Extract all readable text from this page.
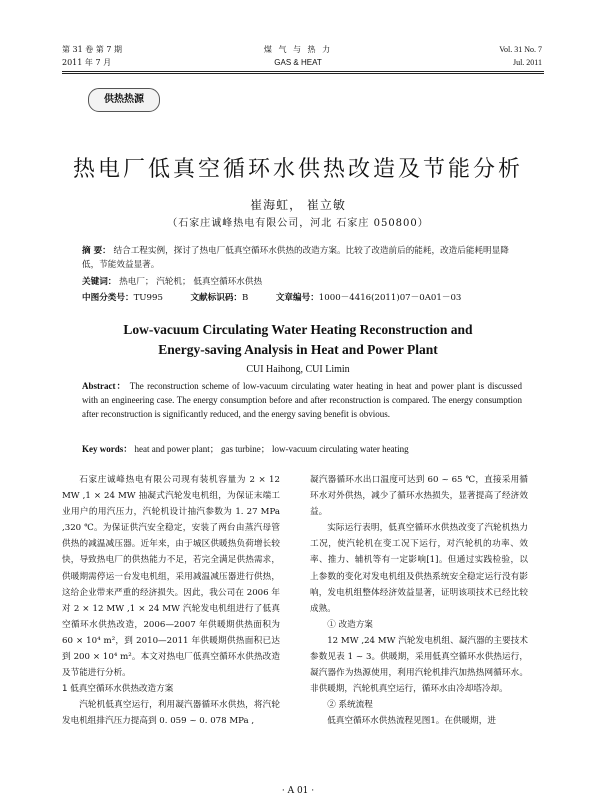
第 31 卷 第 7 期
2011 年 7 月
煤 气 与 热 力
GAS & HEAT
Vol. 31 No. 7
Jul. 2011
供热热源
热电厂低真空循环水供热改造及节能分析
崔海虹， 崔立敏
（石家庄诚峰热电有限公司，河北 石家庄 050800）
摘 要： 结合工程实例，探讨了热电厂低真空循环水供热的改造方案。比较了改造前后的能耗，改造后能耗明显降低，节能效益显著。
关键词： 热电厂； 汽轮机； 低真空循环水供热
中图分类号：TU995	文献标识码：B	文章编号：1000－4416(2011)07－0A01－03
Low-vacuum Circulating Water Heating Reconstruction and
Energy-saving Analysis in Heat and Power Plant
CUI Haihong, CUI Limin
Abstract： The reconstruction scheme of low-vacuum circulating water heating in heat and power plant is discussed with an engineering case. The energy consumption before and after reconstruction is compared. The energy consumption after reconstruction is significantly reduced, and the energy saving benefit is obvious.
Key words： heat and power plant； gas turbine； low-vacuum circulating water heating

石家庄诚峰热电有限公司现有装机容量为 2 × 12 MW ,1 × 24 MW 抽凝式汽轮发电机组，为保证末端工业用户的用汽压力，汽轮机设计抽汽参数为 1. 27 MPa ,320 ℃。为保证供汽安全稳定，安装了两台由蒸汽母管供热的减温减压器。近年来，由于城区供暖热负荷增长较快，导致热电厂的供热能力不足，若完全满足供热需求，供暖期需停运一台发电机组，采用减温减压器进行供热，这给企业带来严重的经济损失。因此，我公司在 2006 年对 2 × 12 MW ,1 × 24 MW 汽轮发电机组进行了低真空循环水供热改造，2006—2007 年供暖期供热面积为 60 × 10⁴ m²，到 2010—2011 年供暖期供热面积已达到 200 × 10⁴ m²。本文对热电厂低真空循环水供热改造及节能进行分析。

1 低真空循环水供热改造方案

汽轮机低真空运行，利用凝汽器循环水供热，将汽轮发电机组排汽压力提高到 0. 059 ~ 0. 078 MPa ,

凝汽器循环水出口温度可达到 60 ~ 65 ℃，直接采用循环水对外供热，减少了循环水热损失，显著提高了经济效益。

实际运行表明，低真空循环水供热改变了汽轮机热力工况，使汽轮机在变工况下运行，对汽轮机的功率、效率、推力、辅机等有一定影响[1]。但通过实践检验，以上参数的变化对发电机组及供热系统安全稳定运行没有影响，发电机组整体经济效益显著，证明该项技术已经比较成熟。

① 改造方案

12 MW ,24 MW 汽轮发电机组、凝汽器的主要技术参数见表 1 ~ 3。供暖期，采用低真空循环水供热运行，凝汽器作为热源使用，利用汽轮机排汽加热热网循环水。非供暖期，汽轮机真空运行，循环水由冷却塔冷却。

② 系统流程

低真空循环水供热流程见图1。在供暖期，进

· A 01 ·
